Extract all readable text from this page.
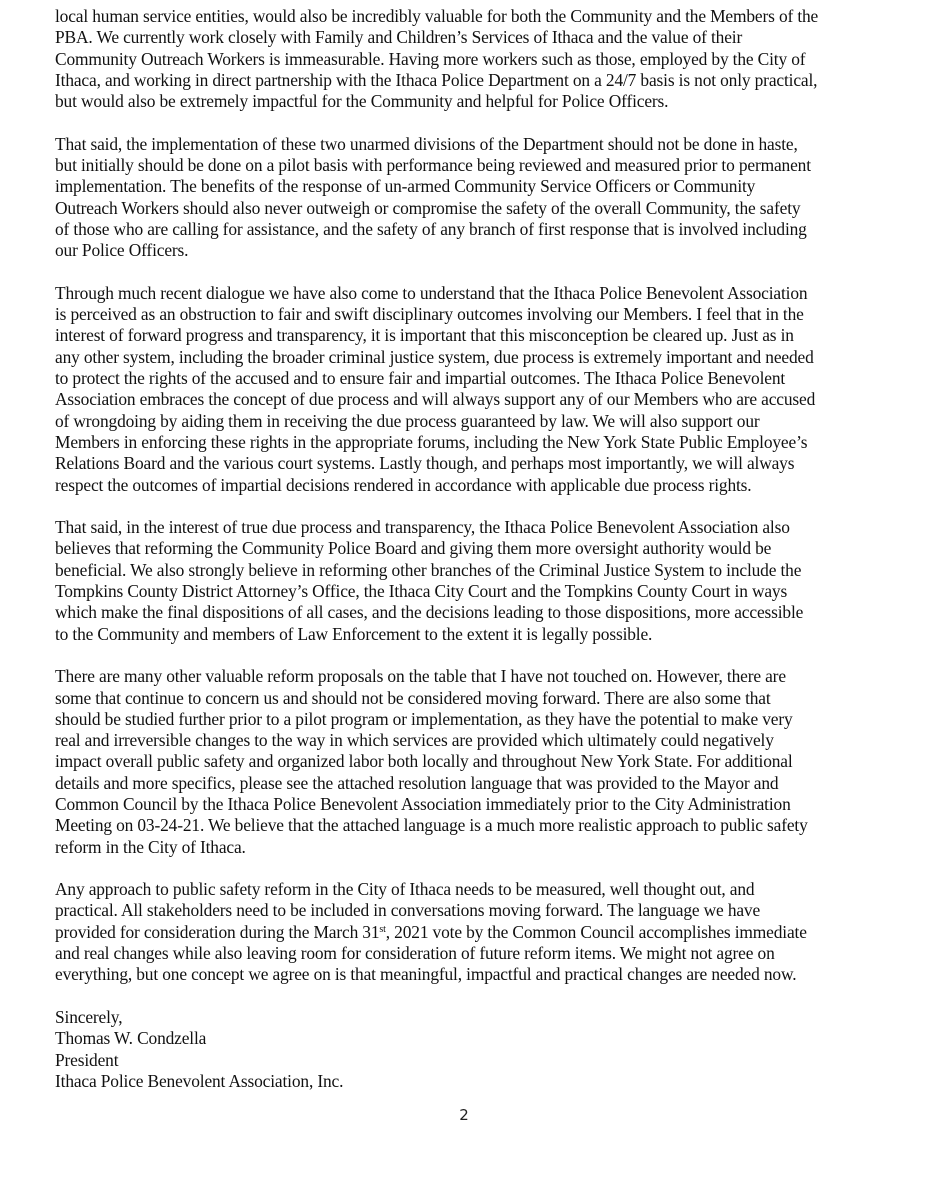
local human service entities, would also be incredibly valuable for both the Community and the Members of the
PBA. We currently work closely with Family and Children’s Services of Ithaca and the value of their
Community Outreach Workers is immeasurable. Having more workers such as those, employed by the City of
Ithaca, and working in direct partnership with the Ithaca Police Department on a 24/7 basis is not only practical,
but would also be extremely impactful for the Community and helpful for Police Officers.
That said, the implementation of these two unarmed divisions of the Department should not be done in haste,
but initially should be done on a pilot basis with performance being reviewed and measured prior to permanent
implementation. The benefits of the response of un-armed Community Service Officers or Community
Outreach Workers should also never outweigh or compromise the safety of the overall Community, the safety
of those who are calling for assistance, and the safety of any branch of first response that is involved including
our Police Officers.
Through much recent dialogue we have also come to understand that the Ithaca Police Benevolent Association
is perceived as an obstruction to fair and swift disciplinary outcomes involving our Members. I feel that in the
interest of forward progress and transparency, it is important that this misconception be cleared up. Just as in
any other system, including the broader criminal justice system, due process is extremely important and needed
to protect the rights of the accused and to ensure fair and impartial outcomes. The Ithaca Police Benevolent
Association embraces the concept of due process and will always support any of our Members who are accused
of wrongdoing by aiding them in receiving the due process guaranteed by law. We will also support our
Members in enforcing these rights in the appropriate forums, including the New York State Public Employee’s
Relations Board and the various court systems. Lastly though, and perhaps most importantly, we will always
respect the outcomes of impartial decisions rendered in accordance with applicable due process rights.
That said, in the interest of true due process and transparency, the Ithaca Police Benevolent Association also
believes that reforming the Community Police Board and giving them more oversight authority would be
beneficial. We also strongly believe in reforming other branches of the Criminal Justice System to include the
Tompkins County District Attorney’s Office, the Ithaca City Court and the Tompkins County Court in ways
which make the final dispositions of all cases, and the decisions leading to those dispositions, more accessible
to the Community and members of Law Enforcement to the extent it is legally possible.
There are many other valuable reform proposals on the table that I have not touched on. However, there are
some that continue to concern us and should not be considered moving forward. There are also some that
should be studied further prior to a pilot program or implementation, as they have the potential to make very
real and irreversible changes to the way in which services are provided which ultimately could negatively
impact overall public safety and organized labor both locally and throughout New York State. For additional
details and more specifics, please see the attached resolution language that was provided to the Mayor and
Common Council by the Ithaca Police Benevolent Association immediately prior to the City Administration
Meeting on 03-24-21. We believe that the attached language is a much more realistic approach to public safety
reform in the City of Ithaca.
Any approach to public safety reform in the City of Ithaca needs to be measured, well thought out, and
practical. All stakeholders need to be included in conversations moving forward. The language we have
provided for consideration during the March 31st, 2021 vote by the Common Council accomplishes immediate
and real changes while also leaving room for consideration of future reform items. We might not agree on
everything, but one concept we agree on is that meaningful, impactful and practical changes are needed now.
Sincerely,
Thomas W. Condzella
President
Ithaca Police Benevolent Association, Inc.
2
